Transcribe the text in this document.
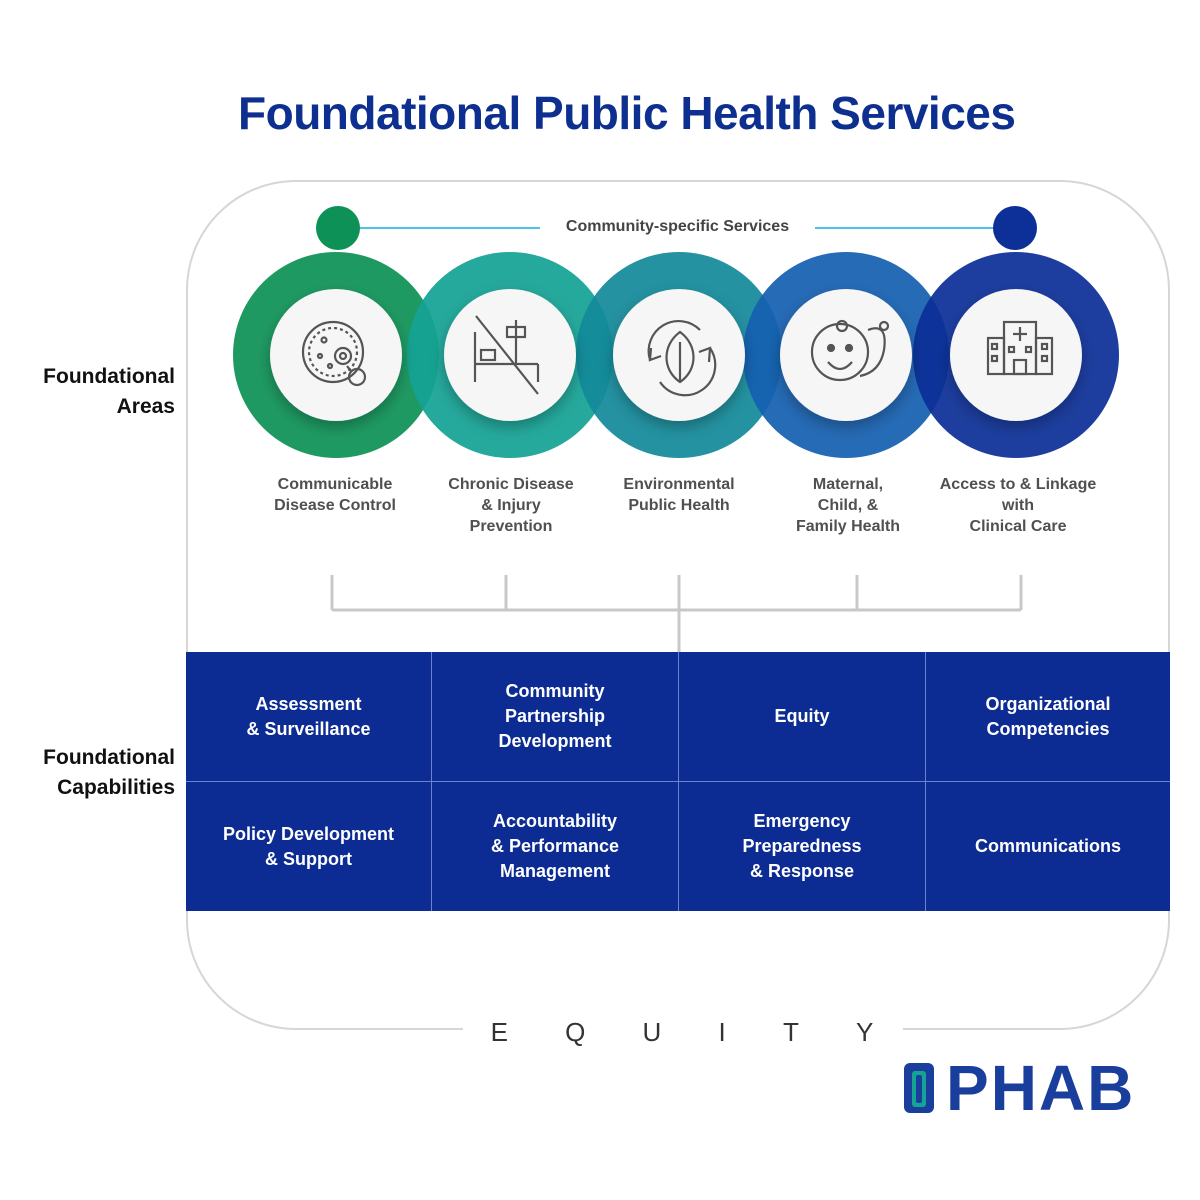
Foundational Public Health Services
Foundational
Areas
Foundational
Capabilities
Community-specific Services
Communicable
Disease Control
Chronic Disease
& Injury
Prevention
Environmental
Public Health
Maternal,
Child, &
Family Health
Access to & Linkage
with
Clinical Care
Assessment
& Surveillance
Community
Partnership
Development
Equity
Organizational
Competencies
Policy Development
& Support
Accountability
& Performance
Management
Emergency
Preparedness
& Response
Communications
E Q U I T Y
PHAB
